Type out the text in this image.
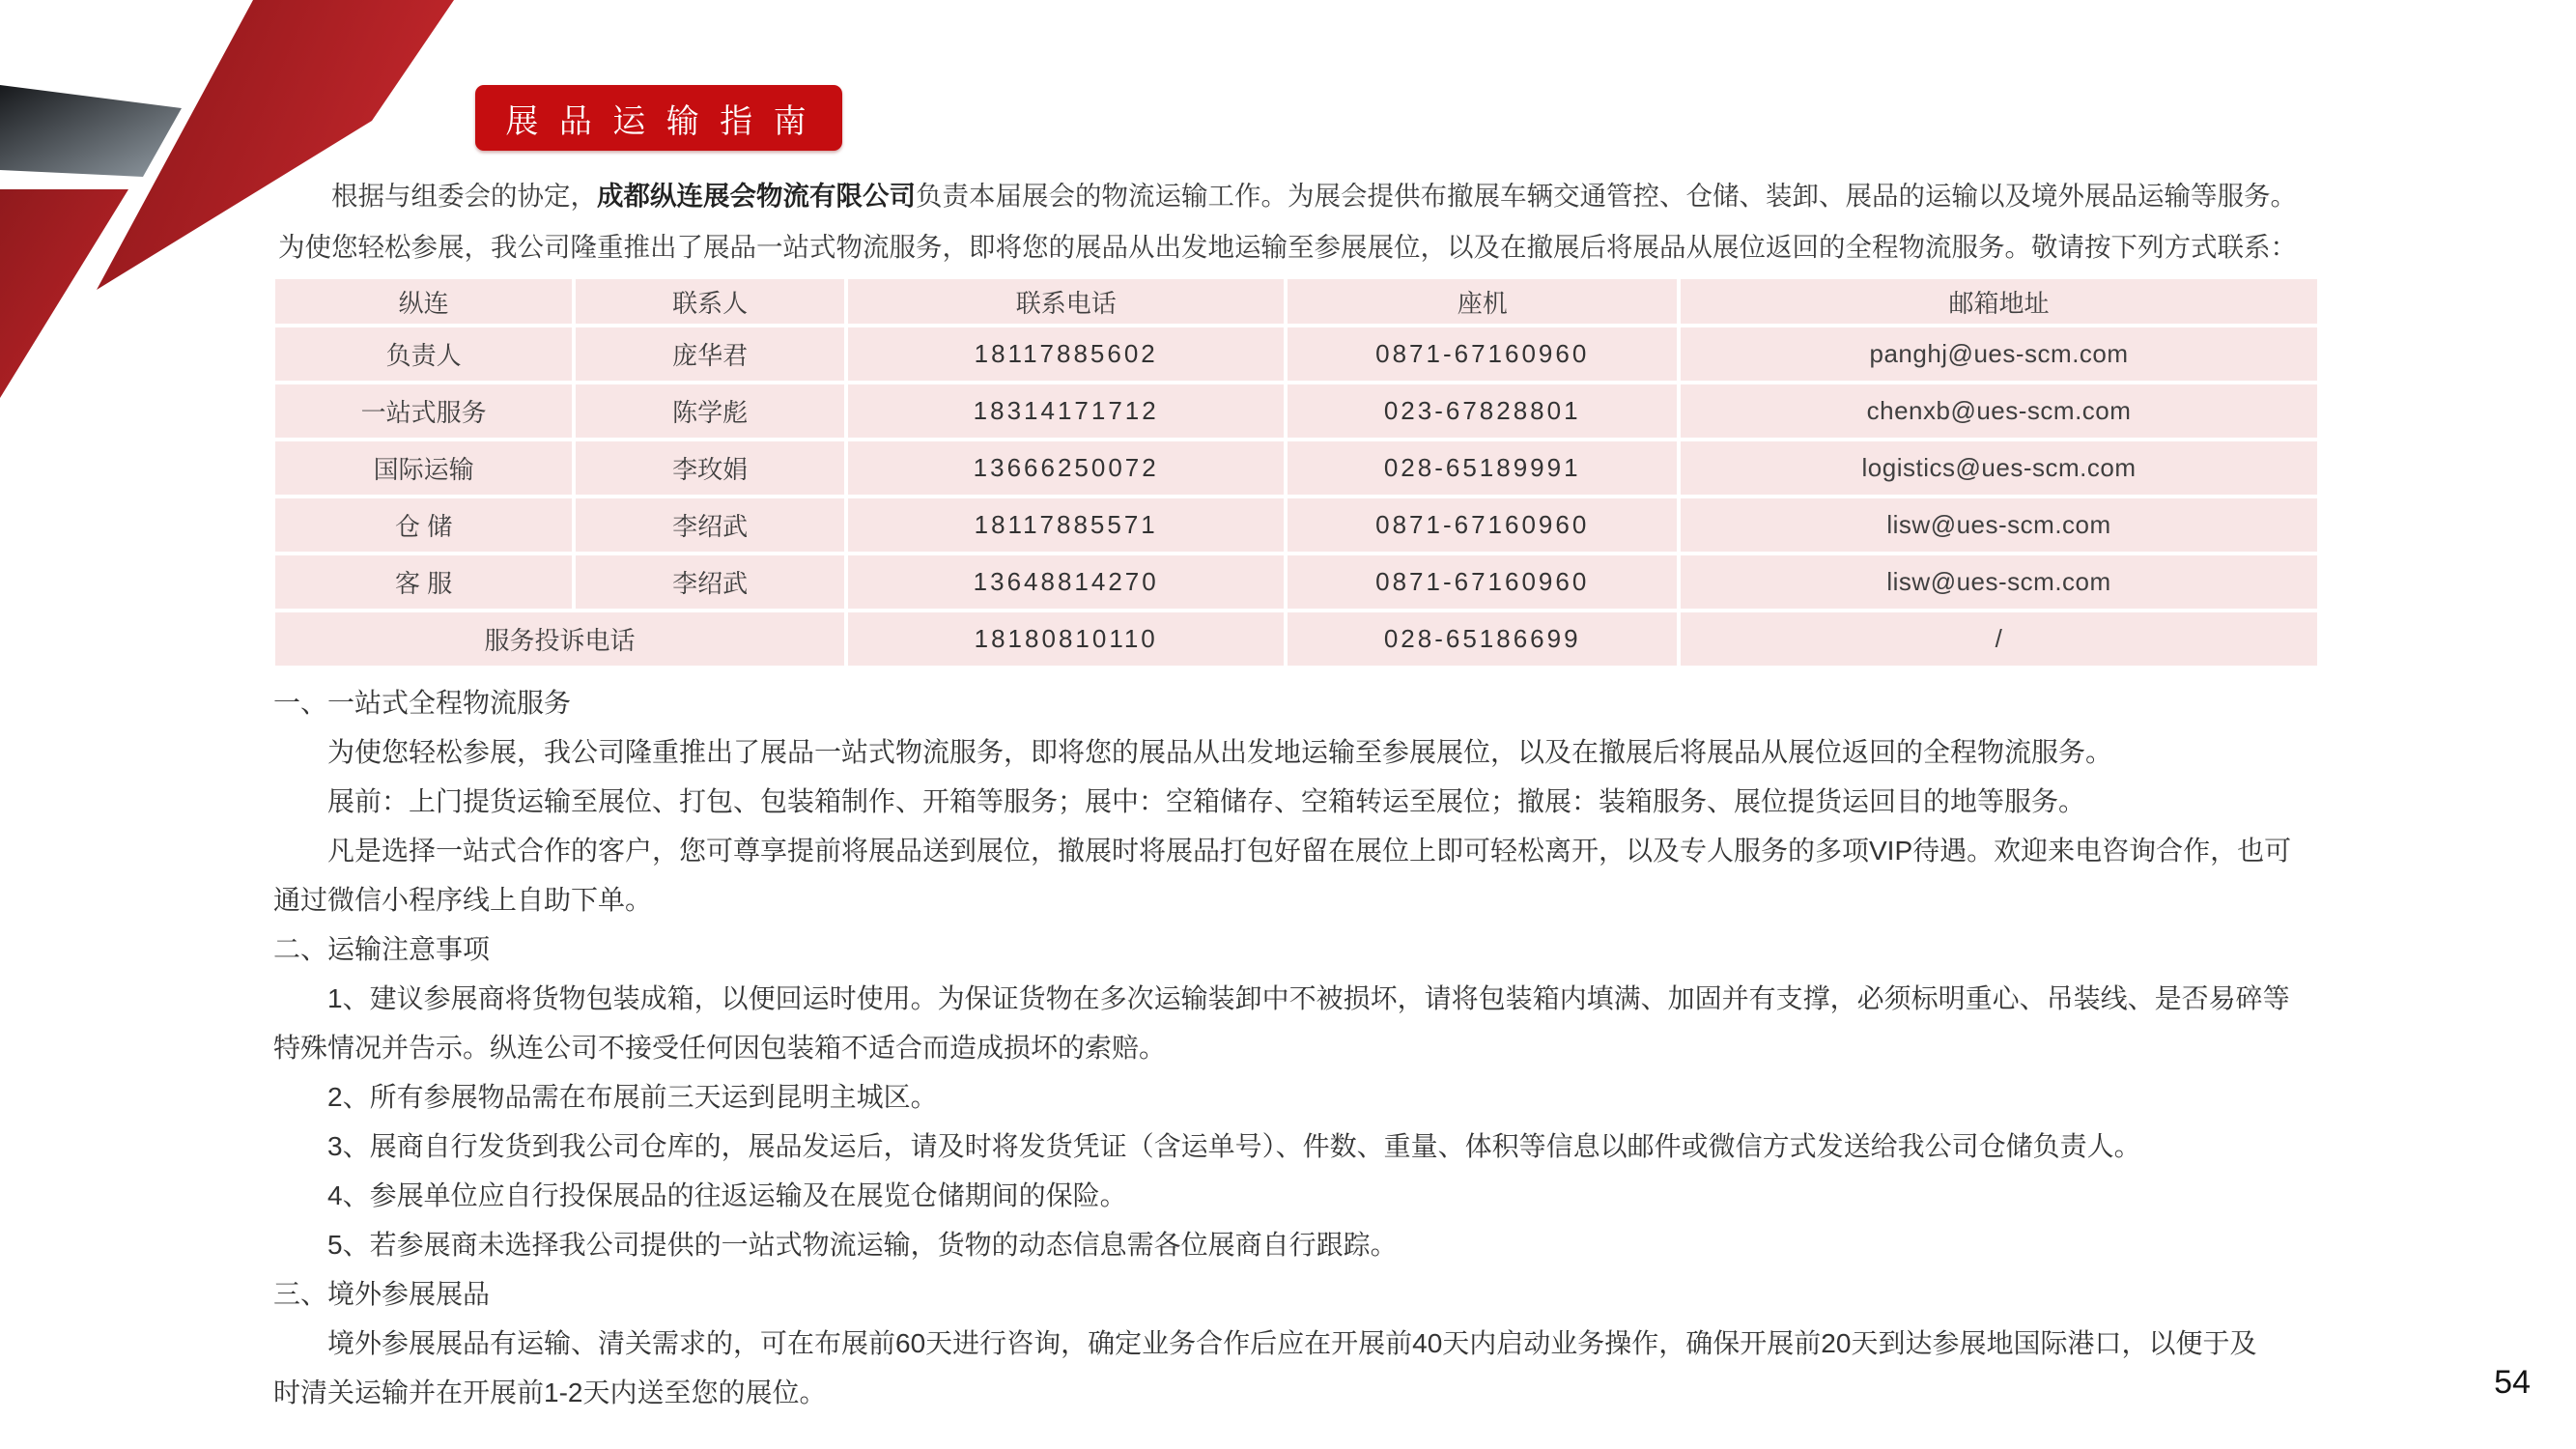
展 品 运 输 指 南
根据与组委会的协定，成都纵连展会物流有限公司负责本届展会的物流运输工作。为展会提供布撤展车辆交通管控、仓储、装卸、展品的运输以及境外展品运输等服务。
为使您轻松参展，我公司隆重推出了展品一站式物流服务，即将您的展品从出发地运输至参展展位，以及在撤展后将展品从展位返回的全程物流服务。敬请按下列方式联系：
纵连	联系人	联系电话	座机	邮箱地址
负责人	庞华君	18117885602	0871-67160960	panghj@ues-scm.com
一站式服务	陈学彪	18314171712	023-67828801	chenxb@ues-scm.com
国际运输	李玫娟	13666250072	028-65189991	logistics@ues-scm.com
仓 储	李绍武	18117885571	0871-67160960	lisw@ues-scm.com
客 服	李绍武	13648814270	0871-67160960	lisw@ues-scm.com
服务投诉电话		18180810110	028-65186699	/
一、一站式全程物流服务
为使您轻松参展，我公司隆重推出了展品一站式物流服务，即将您的展品从出发地运输至参展展位，以及在撤展后将展品从展位返回的全程物流服务。
展前：上门提货运输至展位、打包、包装箱制作、开箱等服务；展中：空箱储存、空箱转运至展位；撤展：装箱服务、展位提货运回目的地等服务。
凡是选择一站式合作的客户，您可尊享提前将展品送到展位，撤展时将展品打包好留在展位上即可轻松离开，以及专人服务的多项VIP待遇。欢迎来电咨询合作，也可
通过微信小程序线上自助下单。
二、运输注意事项
1、建议参展商将货物包装成箱，以便回运时使用。为保证货物在多次运输装卸中不被损坏，请将包装箱内填满、加固并有支撑，必须标明重心、吊装线、是否易碎等
特殊情况并告示。纵连公司不接受任何因包装箱不适合而造成损坏的索赔。
2、所有参展物品需在布展前三天运到昆明主城区。
3、展商自行发货到我公司仓库的，展品发运后，请及时将发货凭证（含运单号）、件数、重量、体积等信息以邮件或微信方式发送给我公司仓储负责人。
4、参展单位应自行投保展品的往返运输及在展览仓储期间的保险。
5、若参展商未选择我公司提供的一站式物流运输，货物的动态信息需各位展商自行跟踪。
三、境外参展展品
境外参展展品有运输、清关需求的，可在布展前60天进行咨询，确定业务合作后应在开展前40天内启动业务操作，确保开展前20天到达参展地国际港口，以便于及
时清关运输并在开展前1-2天内送至您的展位。	54
